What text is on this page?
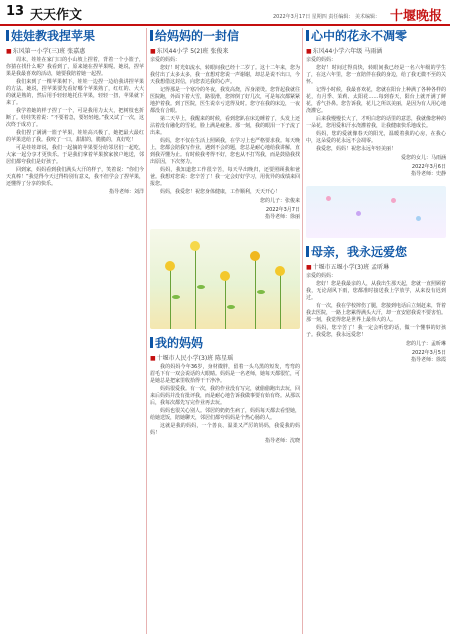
13 天天作文	2022年3月17日 星期四 责任编辑： 美术编辑： 十堰晚报
娃娃教我捏苹果
■东风第一小学(三)班 张嘉惠

周末，娃娃在家门口的小山坡上捏着，背着一个小篮子，你猜在找什么呢？我看到了，原来她在捏苹果呢。她说，捏苹果是我最喜欢的活动，她要我陪着她一起捏。

我们来到了一棵苹果树下，娃娃一边捏一边给我讲捏苹果的方法。她说，捏苹果要先看好哪个苹果熟了，红红的、大大的就是熟的，然后用手轻轻地托住苹果，轻轻一扭，苹果就下来了。

我学着她的样子捏了一个，可是我用力太大，把树枝也折断了。娃娃笑着说：“不要着急，要轻轻地。”我又试了一次，这次终于成功了。

我们捏了满满一篮子苹果，娃娃高兴极了，她把最大最红的苹果送给了我。我咬了一口，甜甜的，脆脆的，真好吃！

可是娃娃却说，我们一起摘的苹果要分给邻居们一起吃，大家一起分享才更快乐。于是我们拿着苹果挨家挨户地送，邻居们都夸我们是好孩子。

回到家，妈妈看到我们满头大汗的样子，笑着说：“你们今天真棒！”我觉得今天过得特别有意义，我不但学会了捏苹果，还懂得了分享的快乐。

指导老师：刘洋
给妈妈的一封信
■东风44小学 5(2)班 张俊来

亲爱的妈妈：

您好！时光如流水，转眼间我已经十二岁了。这十二年来，您为我付出了太多太多，我一直想对您说一声谢谢，却总是说不出口，今天我想借这封信，向您表达我的心声。

记得那是一个寒冷的冬夜，我发高烧，浑身滚烫。您背起我就往医院跑，外面下着大雪，路很滑，您摔倒了好几次，可是每次都紧紧地护着我。到了医院，医生说幸亏送得及时。您守在我的床边，一夜都没有合眼。

第二天早上，我醒来的时候，看到您趴在床边睡着了，头发上还沾着没有融化的雪花，脸上满是疲惫。那一刻，我的眼泪一下子流了出来。

妈妈，您不仅在生活上照顾我，在学习上也严格要求我。每天晚上，您都会陪我写作业，遇到不会的题，您总是耐心地给我讲解，直到我弄懂为止。有时候我考得不好，您也从不打骂我，而是鼓励我找出原因，下次努力。

妈妈，我知道您工作很辛苦，每天早出晚归，还要照顾我和爸爸。我想对您说：您辛苦了！我一定会好好学习，用优异的成绩来回报您。

妈妈，我爱您！祝您身体健康，工作顺利，天天开心！

您的儿子：张俊来
2022年3月7日
指导老师：徐丽
我的妈妈
■十堰市人民小学(3)班 陈星瑶

我的妈妈今年36岁，身材微胖，留着一头乌黑的短发，弯弯的眉毛下有一双会说话的大眼睛。妈妈是一名老师，她每天都很忙，可是她总是把家里收拾得干干净净。

妈妈很爱我。有一次，我的作业没有写完，就偷偷跑出去玩，回来后妈妈并没有批评我，而是耐心地告诉我做事要有始有终。从那以后，我每次都先写完作业再去玩。

妈妈也很关心别人。邻居的奶奶生病了，妈妈每天都去看望她，给她送饭，陪她聊天，邻居们都夸妈妈是个热心肠的人。

这就是我的妈妈，一个善良、温柔又严厉的妈妈，我爱我的妈妈！

指导老师：沈晓
心中的花永不凋零
■东风44小学六年级 马雨涵

亲爱的妈妈：

您好！时间过得真快，转眼间我已经是一名六年级的学生了，在这六年里，您一直陪伴在我的身边，给了我无微不至的关怀。

记得小时候，我最喜欢花，您就在阳台上种满了各种各样的花，有月季、茉莉、太阳花……每到春天，阳台上就开满了鲜花，香气扑鼻。您告诉我，花儿之所以美丽，是因为有人用心地浇灌它。

后来我慢慢长大了，才明白您的话里的意思，我就像您种的一朵花，您用爱和汗水浇灌着我，让我健康快乐地成长。

妈妈，您的爱就像春天的阳光，温暖着我的心房，在我心中，这朵爱的花永远不会凋零。

我爱您，妈妈！祝您永远年轻美丽！

爱您的女儿：马雨涵
2022年3月6日
指导老师：史静
母亲，我永远爱您
■十堰市五堰小学(3)班 孟昕琳

亲爱的妈妈：

您好！您是我最亲的人，从我出生那天起，您就一直照顾着我，无论刮风下雨，您都准时接送我上学放学，从来没有迟到过。

有一次，我在学校摔伤了腿，您接到电话后立刻赶来，背着我去医院，一路上您累得满头大汗，却一直安慰我说不要害怕。那一刻，我觉得您是世界上最伟大的人。

妈妈，您辛苦了！我一定会听您的话，做一个懂事的好孩子。我爱您，我永远爱您！

您的儿子：孟昕琳
2022年3月5日
指导老师：徐霞
